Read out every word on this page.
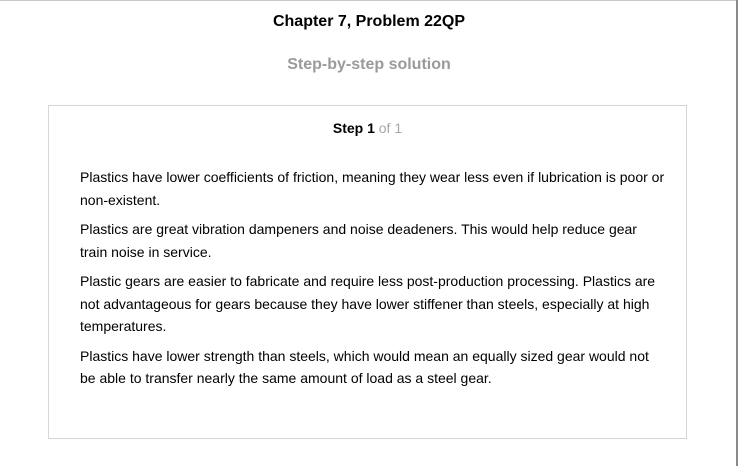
Chapter 7, Problem 22QP
Step-by-step solution
Step 1 of 1

Plastics have lower coefficients of friction, meaning they wear less even if lubrication is poor or non-existent.

Plastics are great vibration dampeners and noise deadeners. This would help reduce gear train noise in service.

Plastic gears are easier to fabricate and require less post-production processing. Plastics are not advantageous for gears because they have lower stiffener than steels, especially at high temperatures.

Plastics have lower strength than steels, which would mean an equally sized gear would not be able to transfer nearly the same amount of load as a steel gear.
